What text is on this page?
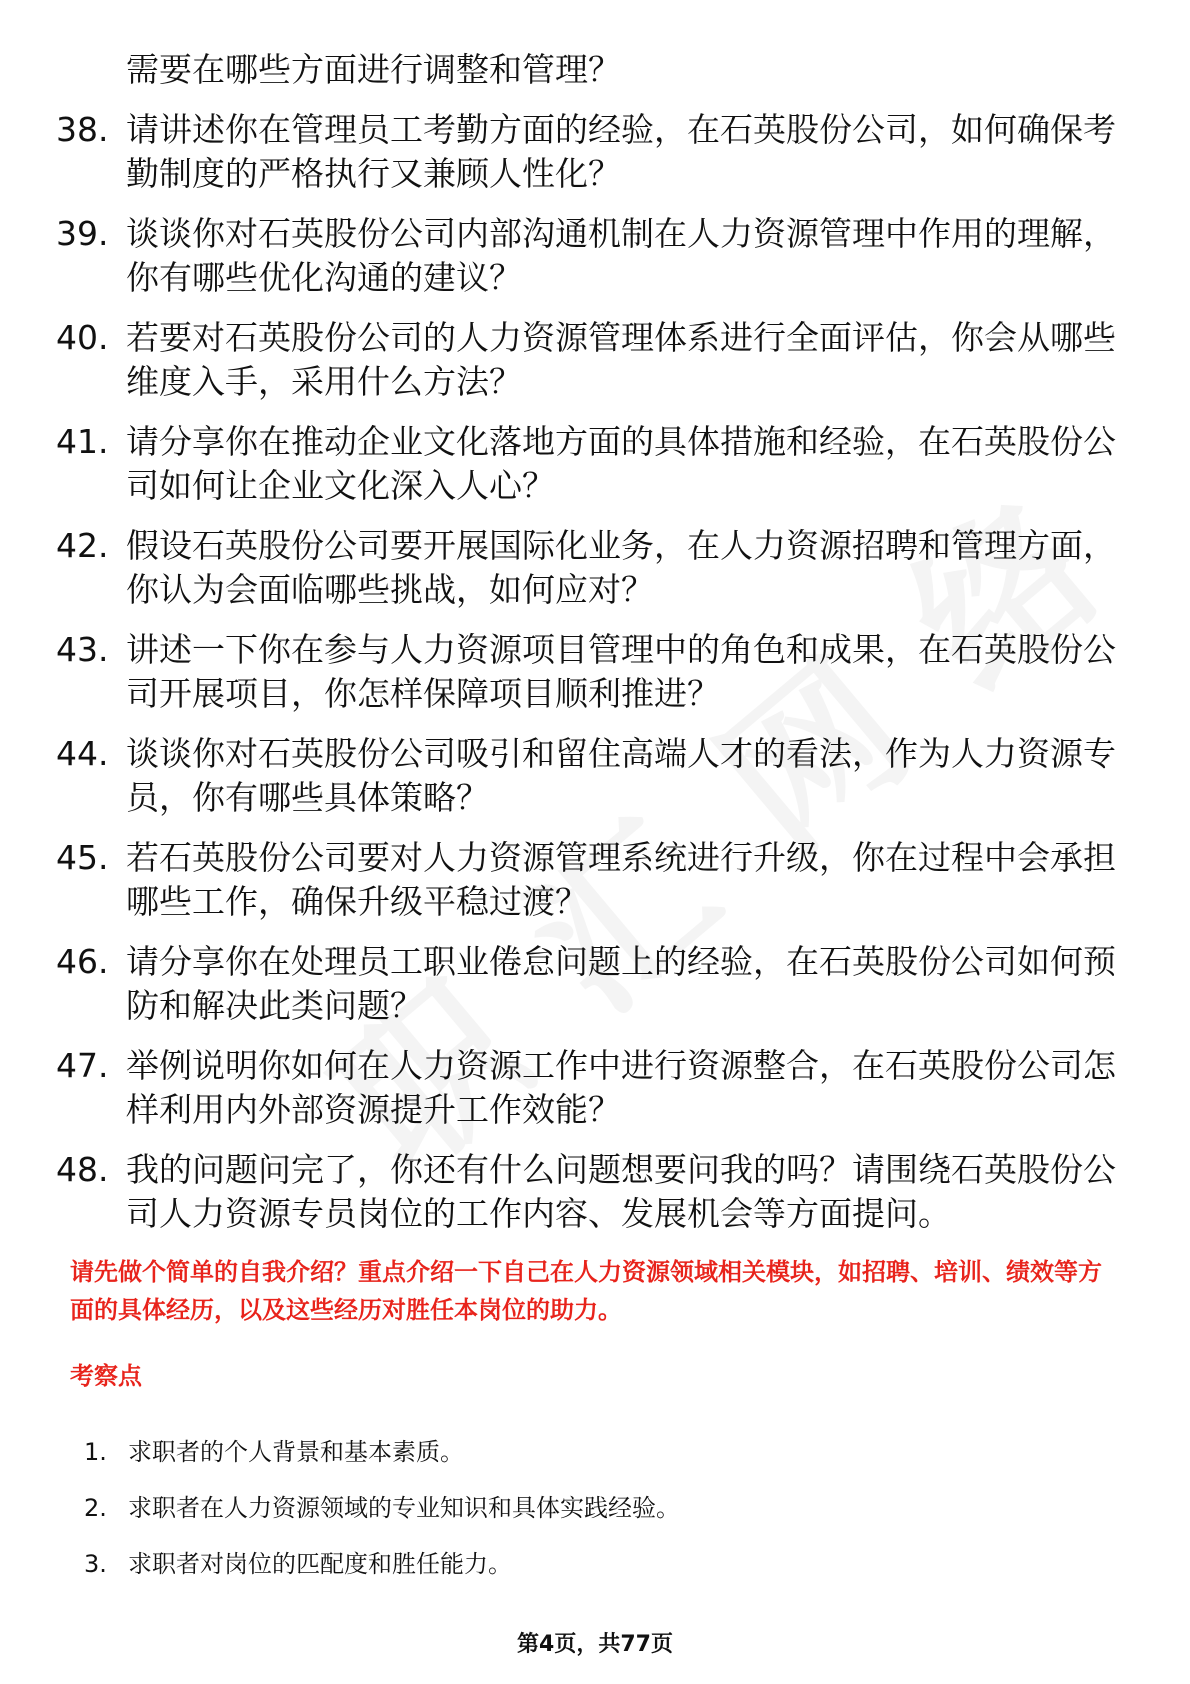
需要在哪些方面进行调整和管理？
38. 请讲述你在管理员工考勤方面的经验，在石英股份公司，如何确保考勤制度的严格执行又兼顾人性化？
39. 谈谈你对石英股份公司内部沟通机制在人力资源管理中作用的理解，你有哪些优化沟通的建议？
40. 若要对石英股份公司的人力资源管理体系进行全面评估，你会从哪些维度入手，采用什么方法？
41. 请分享你在推动企业文化落地方面的具体措施和经验，在石英股份公司如何让企业文化深入人心？
42. 假设石英股份公司要开展国际化业务，在人力资源招聘和管理方面，你认为会面临哪些挑战，如何应对？
43. 讲述一下你在参与人力资源项目管理中的角色和成果，在石英股份公司开展项目，你怎样保障项目顺利推进？
44. 谈谈你对石英股份公司吸引和留住高端人才的看法，作为人力资源专员，你有哪些具体策略？
45. 若石英股份公司要对人力资源管理系统进行升级，你在过程中会承担哪些工作，确保升级平稳过渡？
46. 请分享你在处理员工职业倦怠问题上的经验，在石英股份公司如何预防和解决此类问题？
47. 举例说明你如何在人力资源工作中进行资源整合，在石英股份公司怎样利用内外部资源提升工作效能？
48. 我的问题问完了，你还有什么问题想要问我的吗？请围绕石英股份公司人力资源专员岗位的工作内容、发展机会等方面提问。
请先做个简单的自我介绍？重点介绍一下自己在人力资源领域相关模块，如招聘、培训、绩效等方面的具体经历，以及这些经历对胜任本岗位的助力。
考察点
1. 求职者的个人背景和基本素质。
2. 求职者在人力资源领域的专业知识和具体实践经验。
3. 求职者对岗位的匹配度和胜任能力。
第4页，共77页
